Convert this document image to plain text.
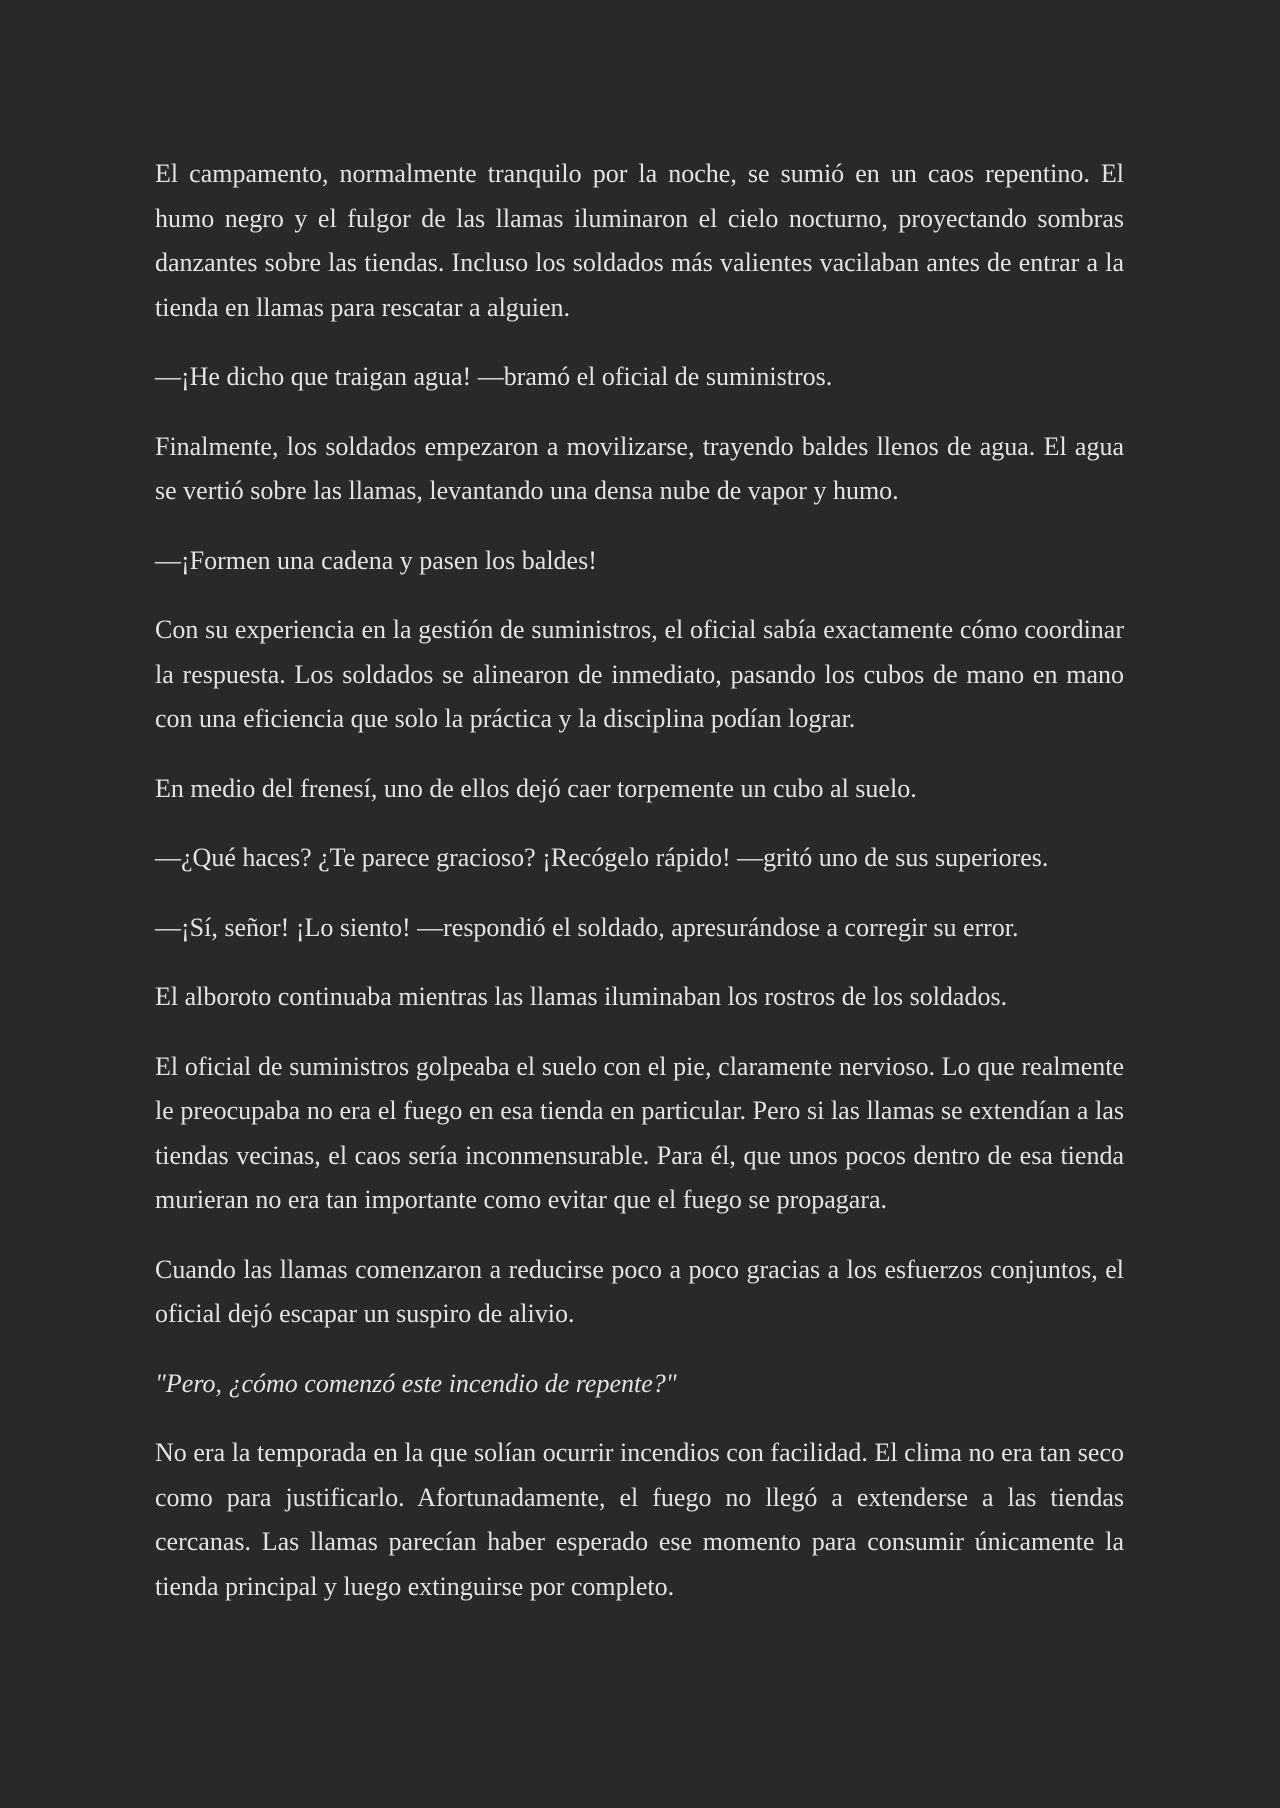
El campamento, normalmente tranquilo por la noche, se sumió en un caos repentino. El humo negro y el fulgor de las llamas iluminaron el cielo nocturno, proyectando sombras danzantes sobre las tiendas. Incluso los soldados más valientes vacilaban antes de entrar a la tienda en llamas para rescatar a alguien.

—¡He dicho que traigan agua! —bramó el oficial de suministros.

Finalmente, los soldados empezaron a movilizarse, trayendo baldes llenos de agua. El agua se vertió sobre las llamas, levantando una densa nube de vapor y humo.

—¡Formen una cadena y pasen los baldes!

Con su experiencia en la gestión de suministros, el oficial sabía exactamente cómo coordinar la respuesta. Los soldados se alinearon de inmediato, pasando los cubos de mano en mano con una eficiencia que solo la práctica y la disciplina podían lograr.

En medio del frenesí, uno de ellos dejó caer torpemente un cubo al suelo.

—¿Qué haces? ¿Te parece gracioso? ¡Recógelo rápido! —gritó uno de sus superiores.

—¡Sí, señor! ¡Lo siento! —respondió el soldado, apresurándose a corregir su error.

El alboroto continuaba mientras las llamas iluminaban los rostros de los soldados.

El oficial de suministros golpeaba el suelo con el pie, claramente nervioso. Lo que realmente le preocupaba no era el fuego en esa tienda en particular. Pero si las llamas se extendían a las tiendas vecinas, el caos sería inconmensurable. Para él, que unos pocos dentro de esa tienda murieran no era tan importante como evitar que el fuego se propagara.

Cuando las llamas comenzaron a reducirse poco a poco gracias a los esfuerzos conjuntos, el oficial dejó escapar un suspiro de alivio.

"Pero, ¿cómo comenzó este incendio de repente?"

No era la temporada en la que solían ocurrir incendios con facilidad. El clima no era tan seco como para justificarlo. Afortunadamente, el fuego no llegó a extenderse a las tiendas cercanas. Las llamas parecían haber esperado ese momento para consumir únicamente la tienda principal y luego extinguirse por completo.
